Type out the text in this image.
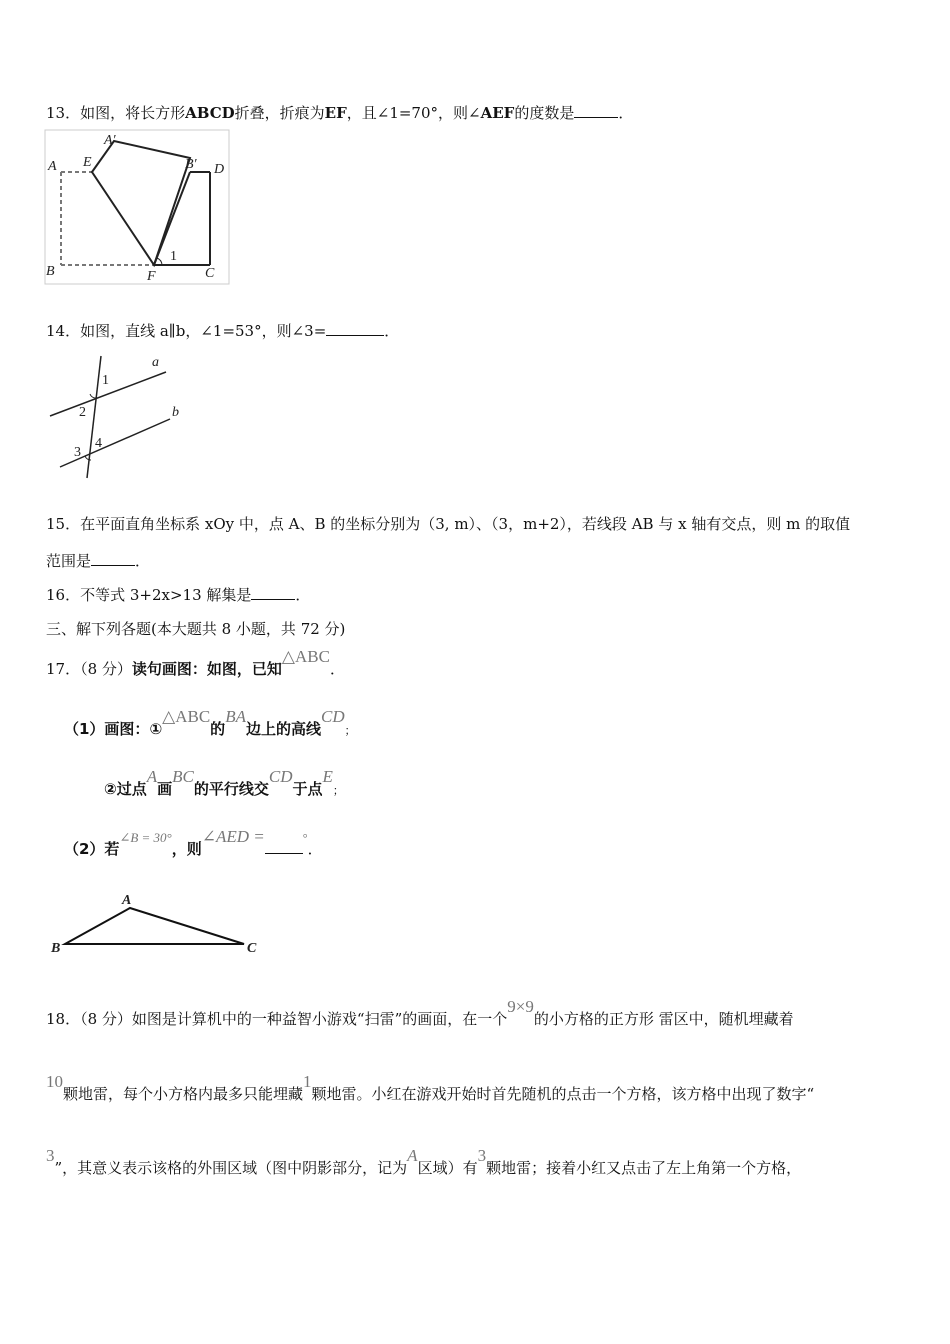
13．如图，将长方形ABCD折叠，折痕为EF，且∠1=70°，则∠AEF的度数是	．
A
A′
E	B′ D
B	F	C
1
14．如图，直线 a∥b，∠1=53°，则∠3=	．
a
b
1
2
3
4
15．在平面直角坐标系 xOy 中，点 A、B 的坐标分别为（3, m）、（3，m+2），若线段 AB 与 x 轴有交点，则 m 的取值
范围是	．
16．不等式 3+2x>13 解集是	．
三、解下列各题(本大题共 8 小题，共 72 分)
17．（8 分）读句画图：如图，已知△ABC．
（1）画图：①△ABC的BA边上的高线CD；
②过点A画BC的平行线交CD于点E；
（2）若∠B = 30°，则∠AED =	°．
A
B	C
18．（8 分）如图是计算机中的一种益智小游戏“扫雷”的画面，在一个9×9的小方格的正方形 雷区中，随机埋藏着
10颗地雷，每个小方格内最多只能埋藏1颗地雷。小红在游戏开始时首先随机的点击一个方格，该方格中出现了数字“
3”，其意义表示该格的外围区域（图中阴影部分，记为A区域）有3颗地雷；接着小红又点击了左上角第一个方格，
